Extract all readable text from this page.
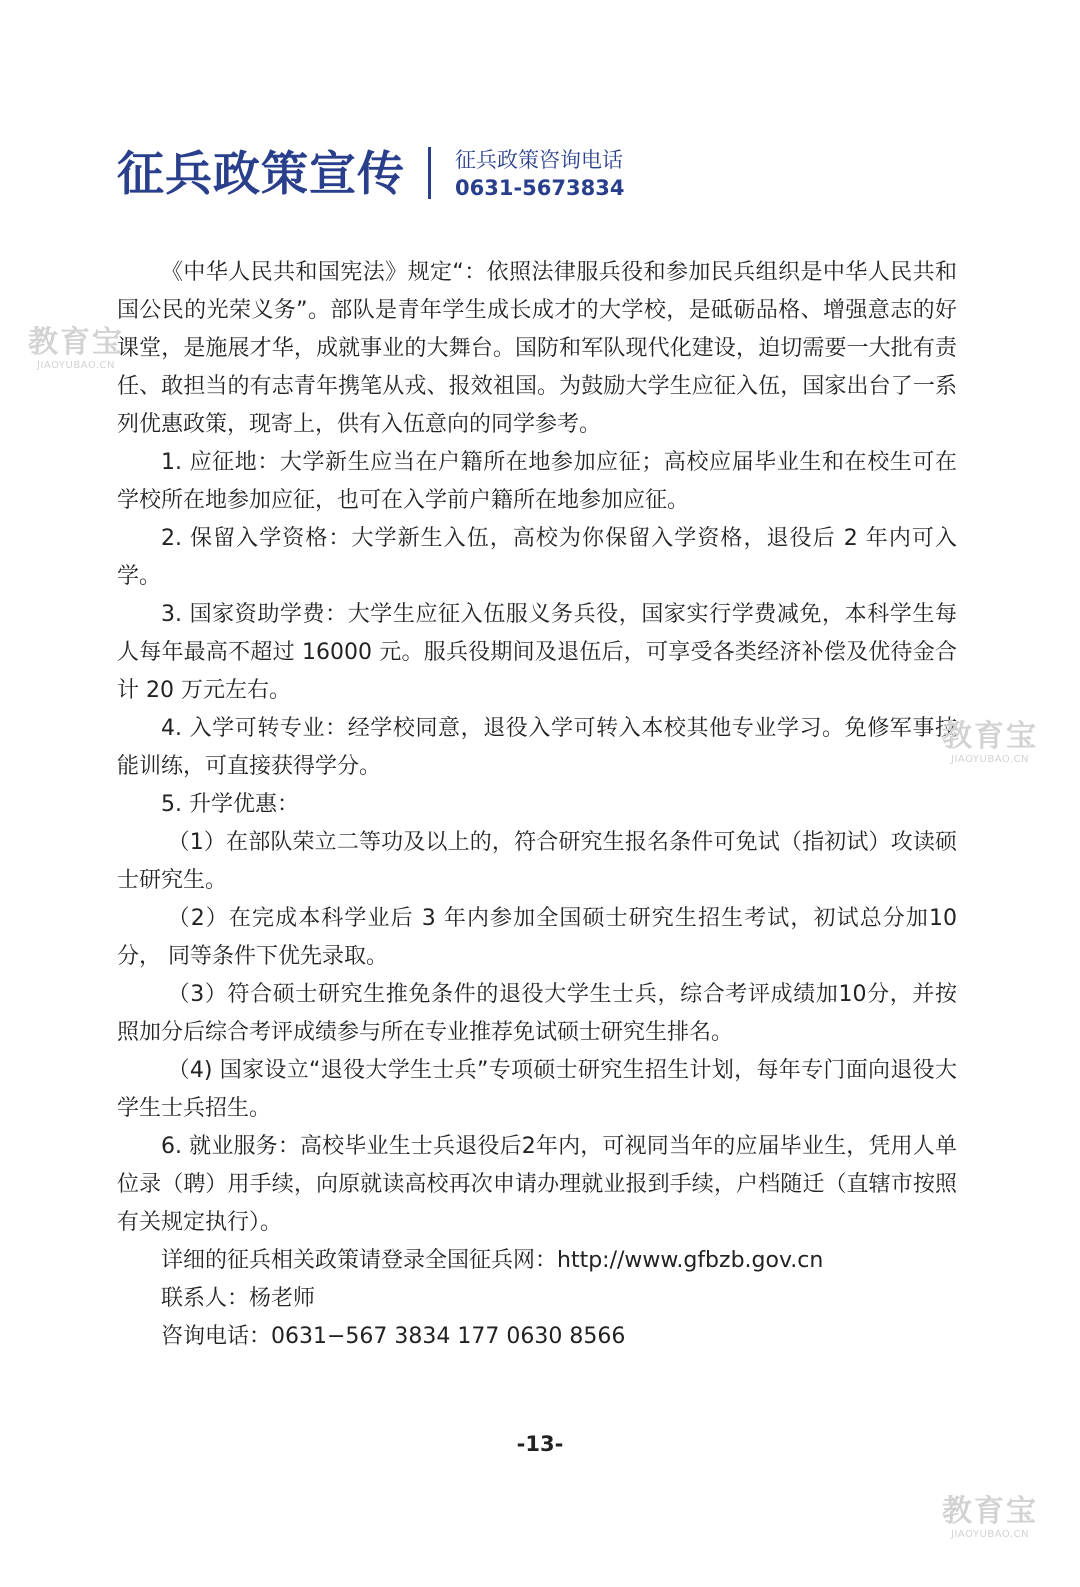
征兵政策宣传 征兵政策咨询电话
0631-5673834

《中华人民共和国宪法》规定“：依照法律服兵役和参加民兵组织是中华人民共和国公民的光荣义务”。部队是青年学生成长成才的大学校，是砥砺品格、增强意志的好课堂，是施展才华，成就事业的大舞台。国防和军队现代化建设，迫切需要一大批有责任、敢担当的有志青年携笔从戎、报效祖国。为鼓励大学生应征入伍，国家出台了一系列优惠政策，现寄上，供有入伍意向的同学参考。

1. 应征地：大学新生应当在户籍所在地参加应征；高校应届毕业生和在校生可在学校所在地参加应征，也可在入学前户籍所在地参加应征。

2. 保留入学资格：大学新生入伍，高校为你保留入学资格，退役后 2 年内可入学。

3. 国家资助学费：大学生应征入伍服义务兵役，国家实行学费减免，本科学生每人每年最高不超过 16000 元。服兵役期间及退伍后，可享受各类经济补偿及优待金合计 20 万元左右。

4. 入学可转专业：经学校同意，退役入学可转入本校其他专业学习。免修军事技能训练，可直接获得学分。

5. 升学优惠：

（1）在部队荣立二等功及以上的，符合研究生报名条件可免试（指初试）攻读硕士研究生。

（2）在完成本科学业后 3 年内参加全国硕士研究生招生考试，初试总分加10分， 同等条件下优先录取。

（3）符合硕士研究生推免条件的退役大学生士兵，综合考评成绩加10分，并按照加分后综合考评成绩参与所在专业推荐免试硕士研究生排名。

（4) 国家设立“退役大学生士兵”专项硕士研究生招生计划，每年专门面向退役大学生士兵招生。

6. 就业服务：高校毕业生士兵退役后2年内，可视同当年的应届毕业生，凭用人单位录（聘）用手续，向原就读高校再次申请办理就业报到手续，户档随迁（直辖市按照有关规定执行）。

详细的征兵相关政策请登录全国征兵网：http://www.gfbzb.gov.cn

联系人：杨老师

咨询电话：0631−567 3834 177 0630 8566

-13-
教育宝
JIAOYUBAO.CN
教育宝
JIAOYUBAO.CN
教育宝
JIAOYUBAO.CN
